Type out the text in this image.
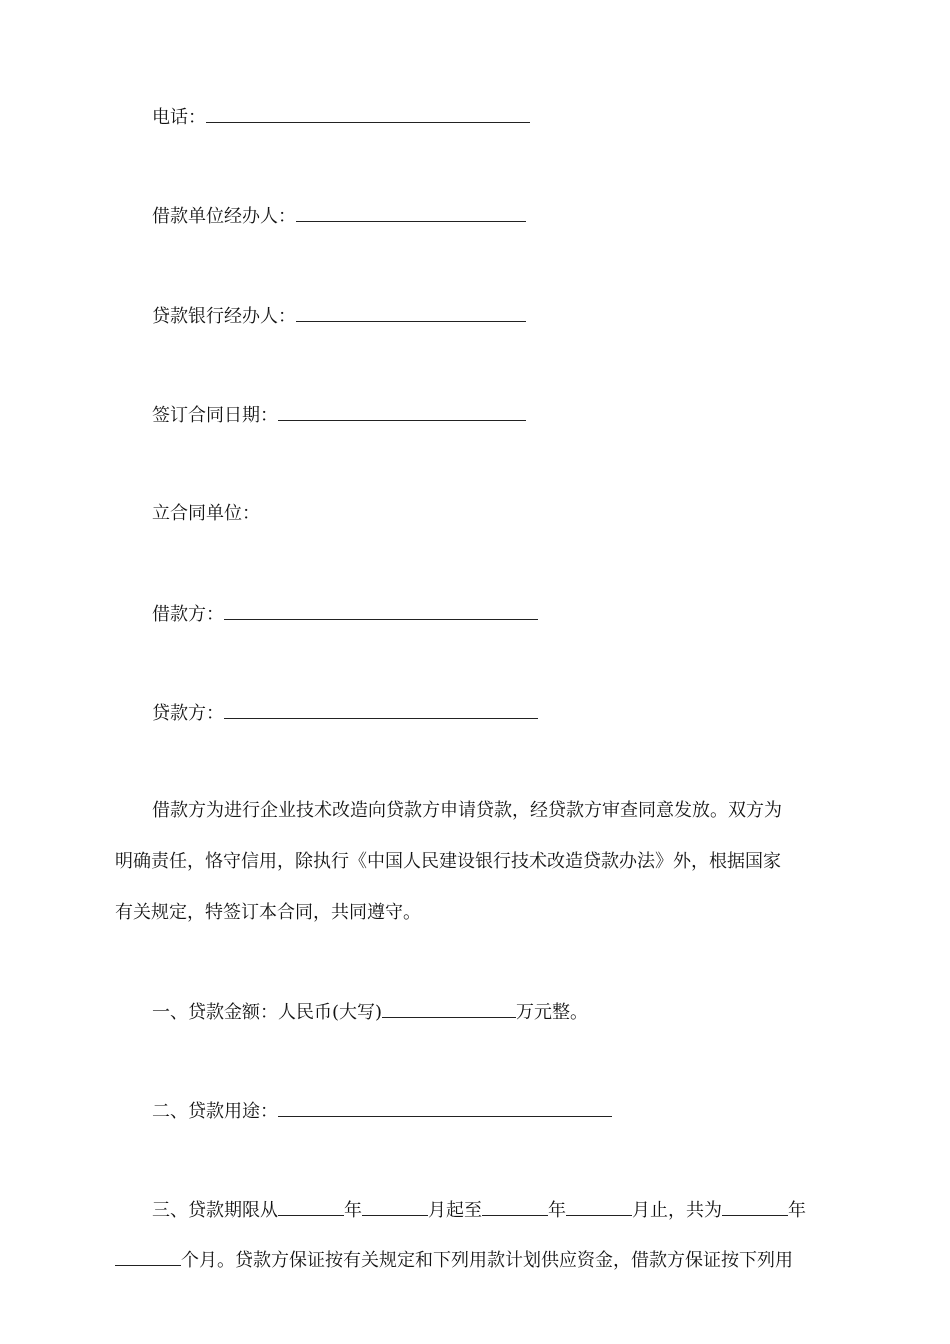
电话：
借款单位经办人：
贷款银行经办人：
签订合同日期：
立合同单位：
借款方：
贷款方：
借款方为进行企业技术改造向贷款方申请贷款，经贷款方审查同意发放。双方为
明确责任，恪守信用，除执行《中国人民建设银行技术改造贷款办法》外，根据国家
有关规定，特签订本合同，共同遵守。
一、贷款金额：人民币(大写)	万元整。
二、贷款用途：
三、贷款期限从	年	月起至	年	月止，共为	年
个月。贷款方保证按有关规定和下列用款计划供应资金，借款方保证按下列用
